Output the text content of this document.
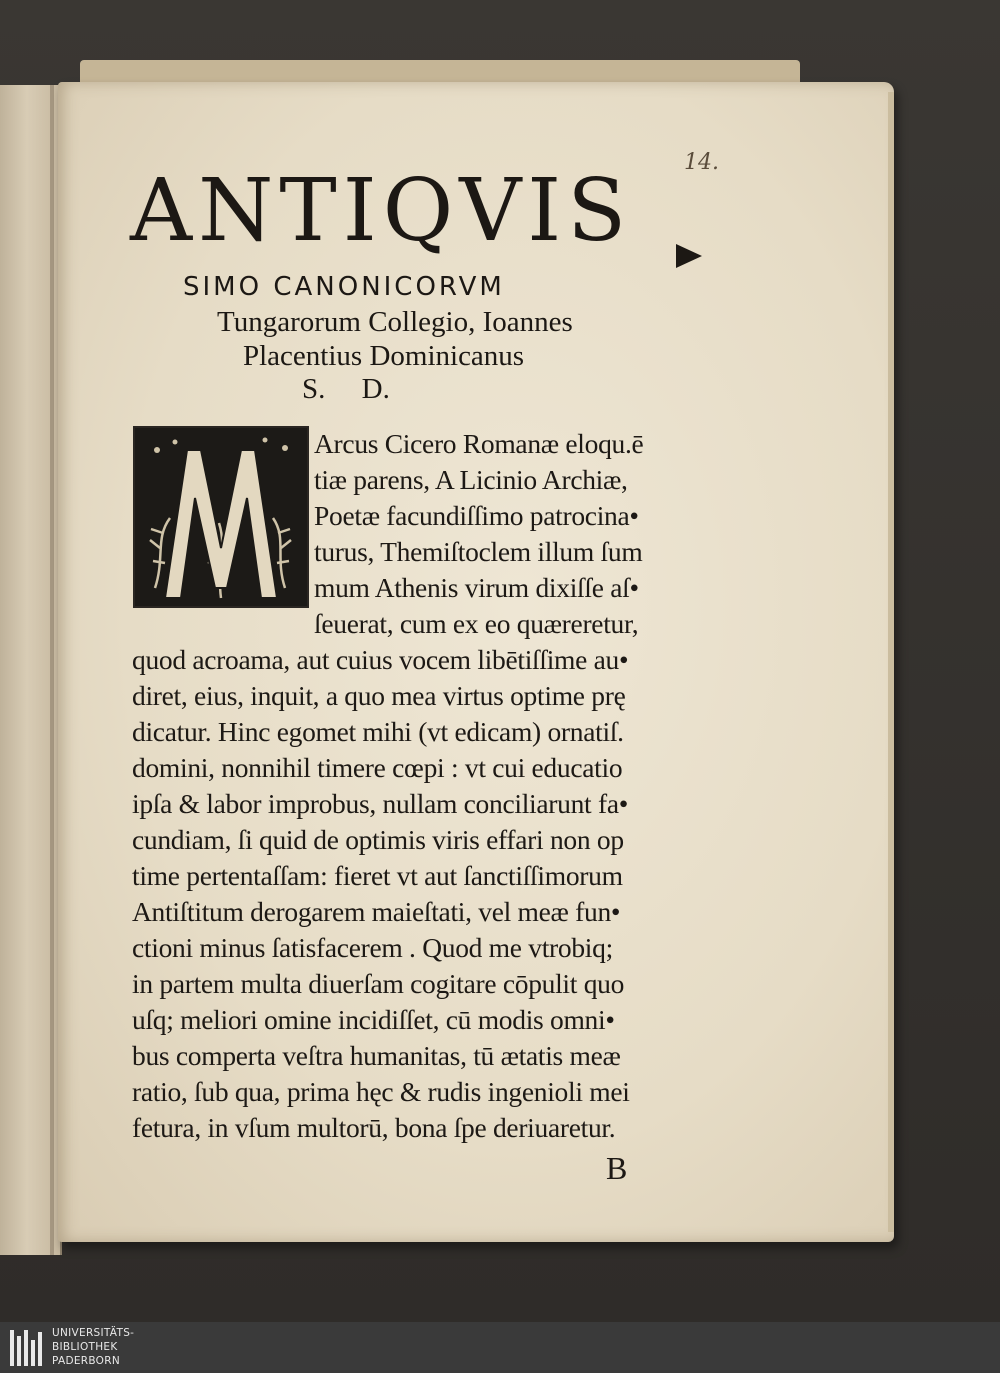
14.
ANTIQVIS
SIMO CANONICORVM
Tungarorum Collegio, Ioannes
Placentius Dominicanus
S.     D.
Arcus Cicero Romanæ eloqu.ē
tiæ parens, A Licinio Archiæ,
Poetæ facundiſſimo patrocina•
turus, Themiſtoclem illum ſum
mum Athenis virum dixiſſe aſ•
ſeuerat, cum ex eo quæreretur,
quod acroama, aut cuius vocem libētiſſime au•
diret, eius, inquit, a quo mea virtus optime prę
dicatur. Hinc egomet mihi (vt edicam) ornatiſ.
domini, nonnihil timere cœpi : vt cui educatio
ipſa & labor improbus, nullam conciliarunt fa•
cundiam, ſi quid de optimis viris effari non op
time pertentaſſam: fieret vt aut ſanctiſſimorum
Antiſtitum derogarem maieſtati, vel meæ fun•
ctioni minus ſatisfacerem . Quod me vtrobiq;
in partem multa diuerſam cogitare cōpulit quo
uſq; meliori omine incidiſſet, cū modis omni•
bus comperta veſtra humanitas, tū ætatis meæ
ratio, ſub qua, prima hęc & rudis ingenioli mei
fetura, in vſum multorū, bona ſpe deriuaretur.
B
UNIVERSITÄTS-
BIBLIOTHEK
PADERBORN
